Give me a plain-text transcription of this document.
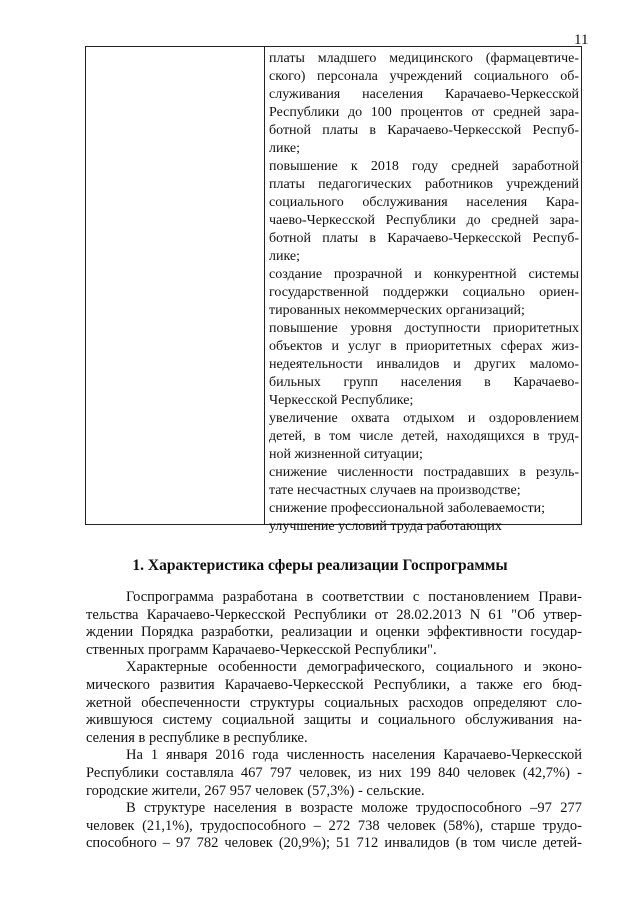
11
платы младшего медицинского (фармацевтиче-
ского) персонала учреждений социального об-
служивания населения Карачаево-Черкесской
Республики до 100 процентов от средней зара-
ботной платы в Карачаево-Черкесской Респуб-
лике;
повышение к 2018 году средней заработной
платы педагогических работников учреждений
социального обслуживания населения Кара-
чаево-Черкесской Республики до средней зара-
ботной платы в Карачаево-Черкесской Респуб-
лике;
создание прозрачной и конкурентной системы
государственной поддержки социально ориен-
тированных некоммерческих организаций;
повышение уровня доступности приоритетных
объектов и услуг в приоритетных сферах жиз-
недеятельности инвалидов и других маломо-
бильных групп населения в Карачаево-
Черкесской Республике;
увеличение охвата отдыхом и оздоровлением
детей, в том числе детей, находящихся в труд-
ной жизненной ситуации;
снижение численности пострадавших в резуль-
тате несчастных случаев на производстве;
снижение профессиональной заболеваемости;
улучшение условий труда работающих
1. Характеристика сферы реализации Госпрограммы
Госпрограмма разработана в соответствии с постановлением Прави-
тельства Карачаево-Черкесской Республики от 28.02.2013 N 61 "Об утвер-
ждении Порядка разработки, реализации и оценки эффективности государ-
ственных программ Карачаево-Черкесской Республики".
Характерные особенности демографического, социального и эконо-
мического развития Карачаево-Черкесской Республики, а также его бюд-
жетной обеспеченности структуры социальных расходов определяют сло-
жившуюся систему социальной защиты и социального обслуживания на-
селения в республике в республике.
На 1 января 2016 года численность населения Карачаево-Черкесской
Республики составляла 467 797 человек, из них 199 840 человек (42,7%) -
городские жители, 267 957 человек (57,3%) - сельские.
В структуре населения в возрасте моложе трудоспособного –97 277
человек (21,1%), трудоспособного – 272 738 человек (58%), старше трудо-
способного – 97 782 человек (20,9%); 51 712 инвалидов (в том числе детей-
